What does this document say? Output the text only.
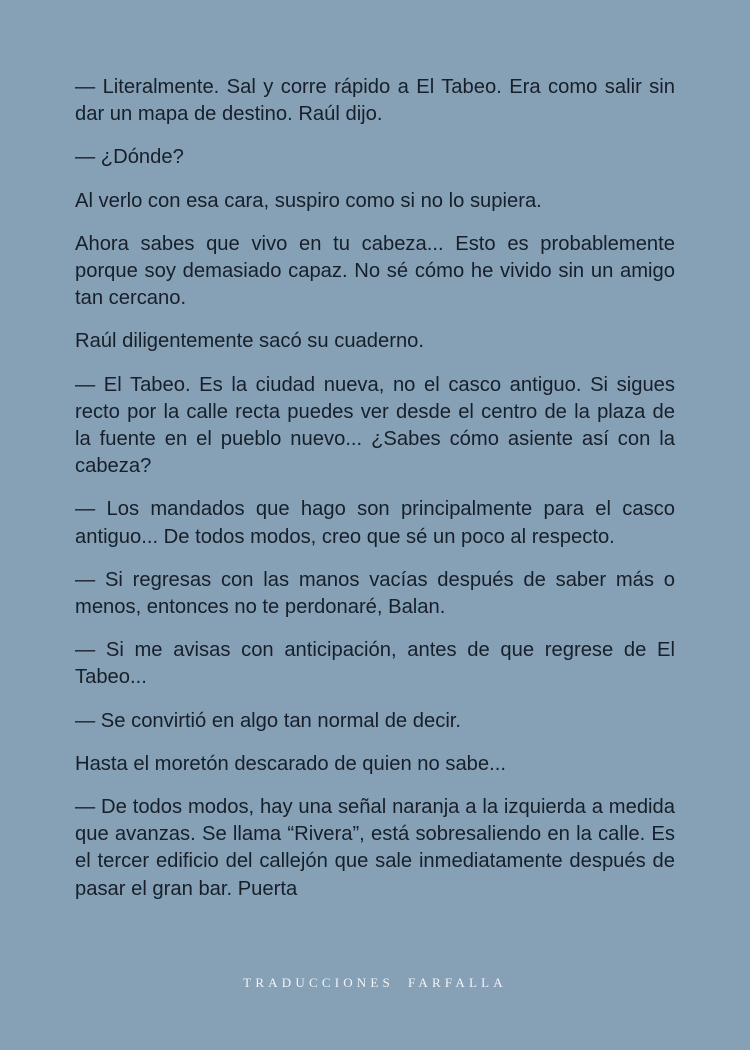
— Literalmente. Sal y corre rápido a El Tabeo. Era como salir sin dar un mapa de destino. Raúl dijo.

— ¿Dónde?

Al verlo con esa cara, suspiro como si no lo supiera.

Ahora sabes que vivo en tu cabeza... Esto es probablemente porque soy demasiado capaz. No sé cómo he vivido sin un amigo tan cercano.

Raúl diligentemente sacó su cuaderno.

— El Tabeo. Es la ciudad nueva, no el casco antiguo. Si sigues recto por la calle recta puedes ver desde el centro de la plaza de la fuente en el pueblo nuevo... ¿Sabes cómo asiente así con la cabeza?

— Los mandados que hago son principalmente para el casco antiguo... De todos modos, creo que sé un poco al respecto.

— Si regresas con las manos vacías después de saber más o menos, entonces no te perdonaré, Balan.

— Si me avisas con anticipación, antes de que regrese de El Tabeo...

— Se convirtió en algo tan normal de decir.

Hasta el moretón descarado de quien no sabe...

— De todos modos, hay una señal naranja a la izquierda a medida que avanzas. Se llama “Rivera”, está sobresaliendo en la calle. Es el tercer edificio del callejón que sale inmediatamente después de pasar el gran bar. Puerta

TRADUCCIONES FARFALLA
